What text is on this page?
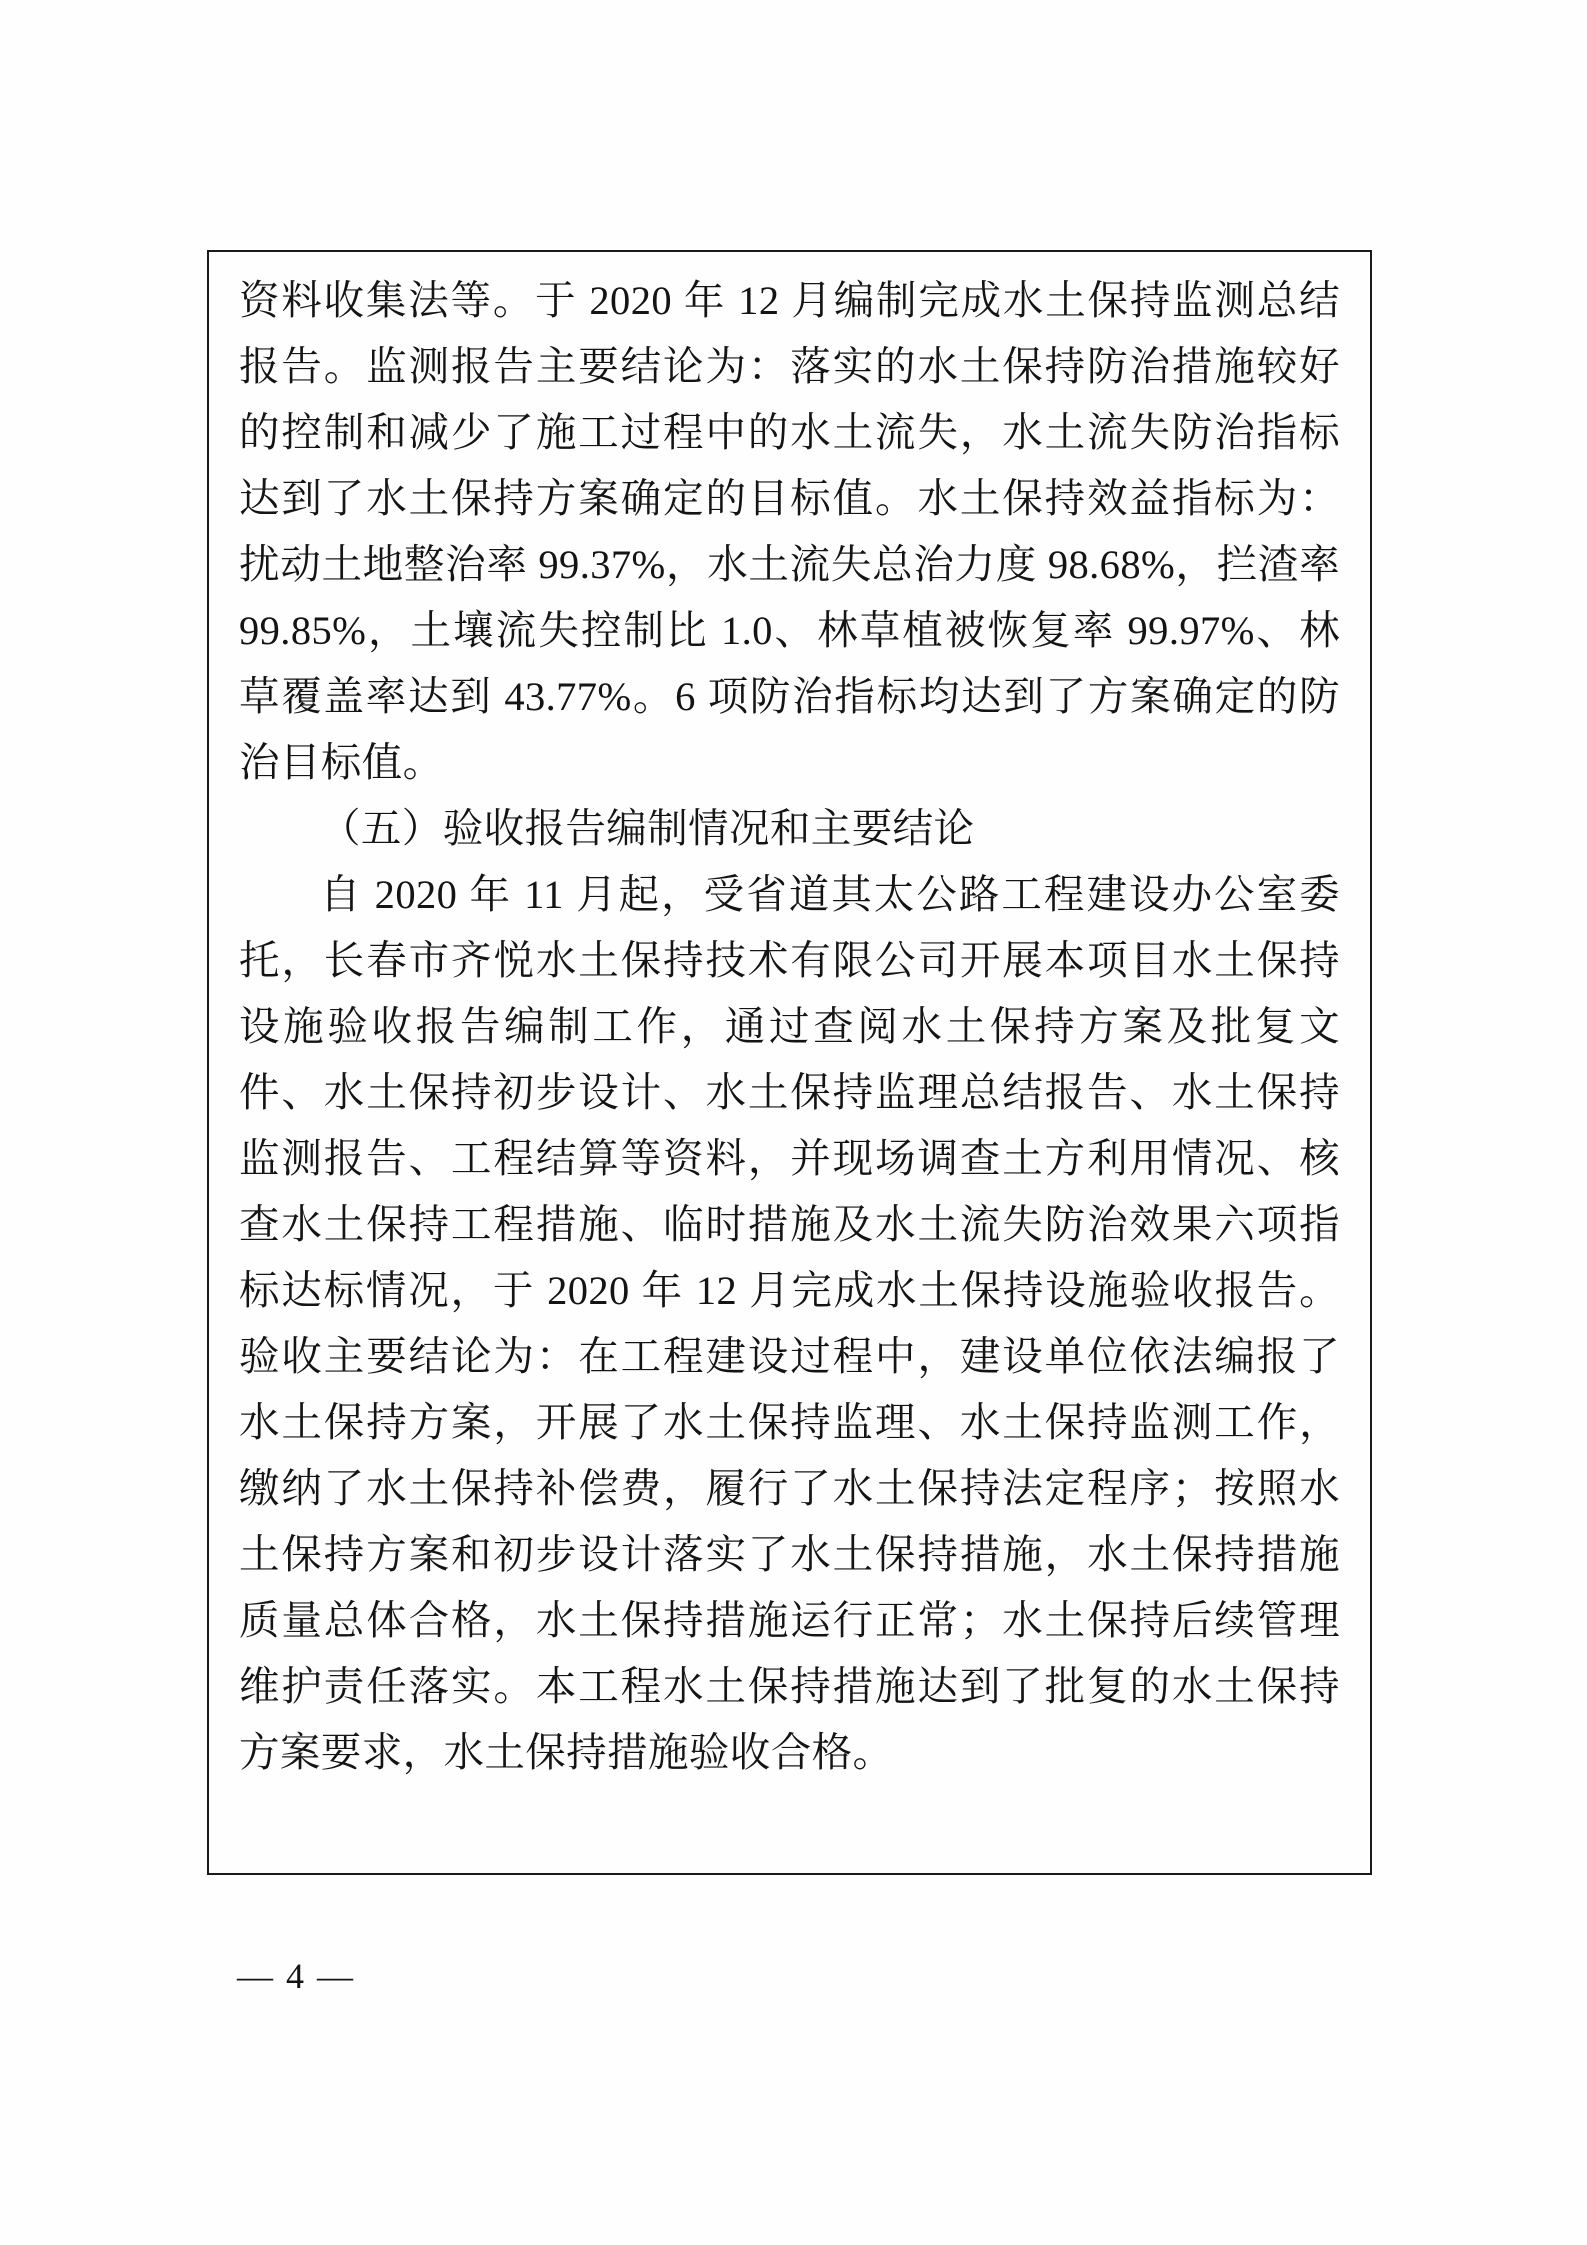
资料收集法等。于 2020 年 12 月编制完成水土保持监测总结报告。监测报告主要结论为：落实的水土保持防治措施较好的控制和减少了施工过程中的水土流失，水土流失防治指标达到了水土保持方案确定的目标值。水土保持效益指标为：扰动土地整治率 99.37%，水土流失总治力度 98.68%，拦渣率 99.85%，土壤流失控制比 1.0、林草植被恢复率 99.97%、林草覆盖率达到 43.77%。6 项防治指标均达到了方案确定的防治目标值。

（五）验收报告编制情况和主要结论

自 2020 年 11 月起，受省道其太公路工程建设办公室委托，长春市齐悦水土保持技术有限公司开展本项目水土保持设施验收报告编制工作，通过查阅水土保持方案及批复文件、水土保持初步设计、水土保持监理总结报告、水土保持监测报告、工程结算等资料，并现场调查土方利用情况、核查水土保持工程措施、临时措施及水土流失防治效果六项指标达标情况，于 2020 年 12 月完成水土保持设施验收报告。验收主要结论为：在工程建设过程中，建设单位依法编报了水土保持方案，开展了水土保持监理、水土保持监测工作，缴纳了水土保持补偿费，履行了水土保持法定程序；按照水土保持方案和初步设计落实了水土保持措施，水土保持措施质量总体合格，水土保持措施运行正常；水土保持后续管理维护责任落实。本工程水土保持措施达到了批复的水土保持方案要求，水土保持措施验收合格。

— 4 —
